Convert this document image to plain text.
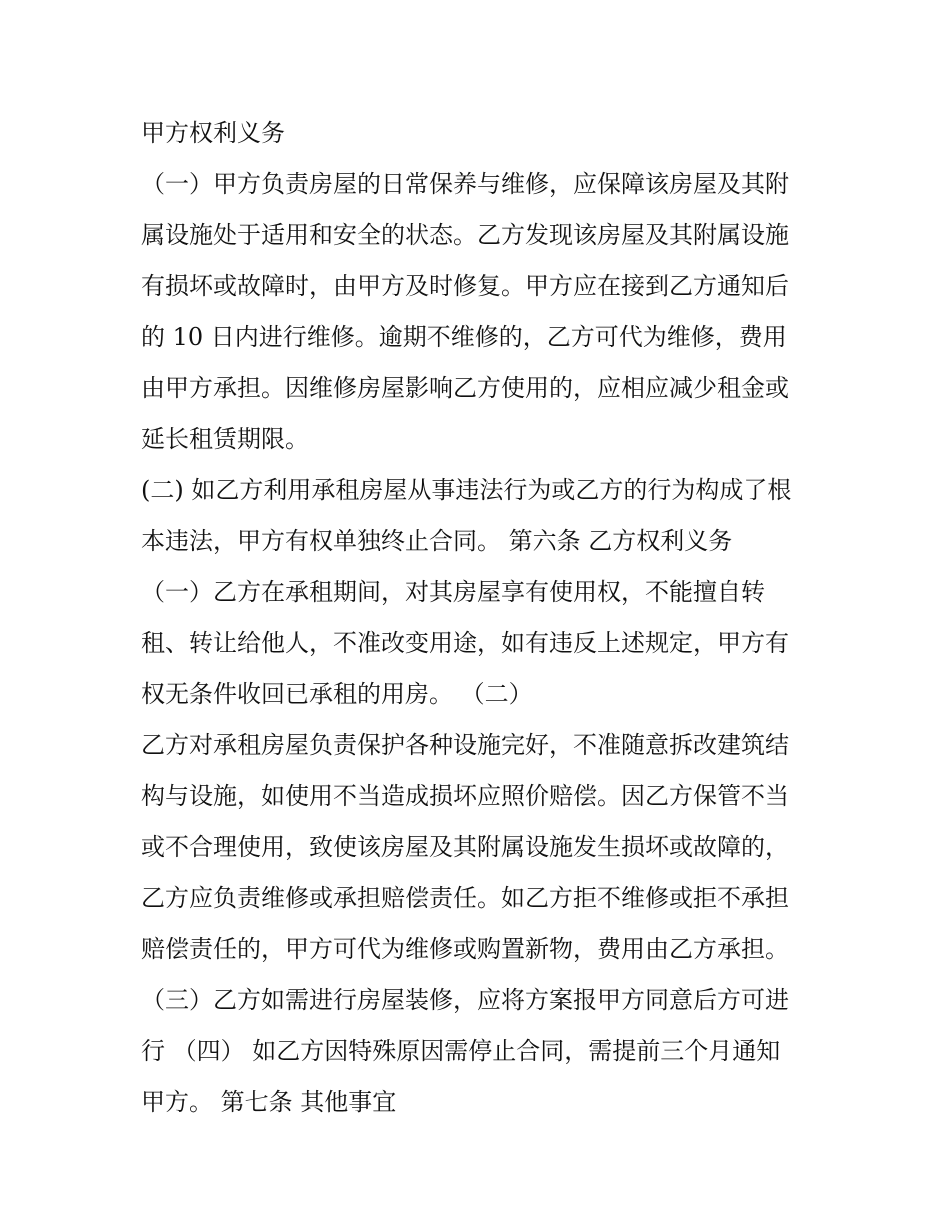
甲方权利义务
（一）甲方负责房屋的日常保养与维修，应保障该房屋及其附
属设施处于适用和安全的状态。乙方发现该房屋及其附属设施
有损坏或故障时，由甲方及时修复。甲方应在接到乙方通知后
的 10 日内进行维修。逾期不维修的，乙方可代为维修，费用
由甲方承担。因维修房屋影响乙方使用的，应相应减少租金或
延长租赁期限。
(二) 如乙方利用承租房屋从事违法行为或乙方的行为构成了根
本违法，甲方有权单独终止合同。 第六条 乙方权利义务
（一）乙方在承租期间，对其房屋享有使用权，不能擅自转
租、转让给他人，不准改变用途，如有违反上述规定，甲方有
权无条件收回已承租的用房。 （二）
乙方对承租房屋负责保护各种设施完好，不准随意拆改建筑结
构与设施，如使用不当造成损坏应照价赔偿。因乙方保管不当
或不合理使用，致使该房屋及其附属设施发生损坏或故障的，
乙方应负责维修或承担赔偿责任。如乙方拒不维修或拒不承担
赔偿责任的，甲方可代为维修或购置新物，费用由乙方承担。
（三）乙方如需进行房屋装修，应将方案报甲方同意后方可进
行 （四） 如乙方因特殊原因需停止合同，需提前三个月通知
甲方。 第七条 其他事宜
